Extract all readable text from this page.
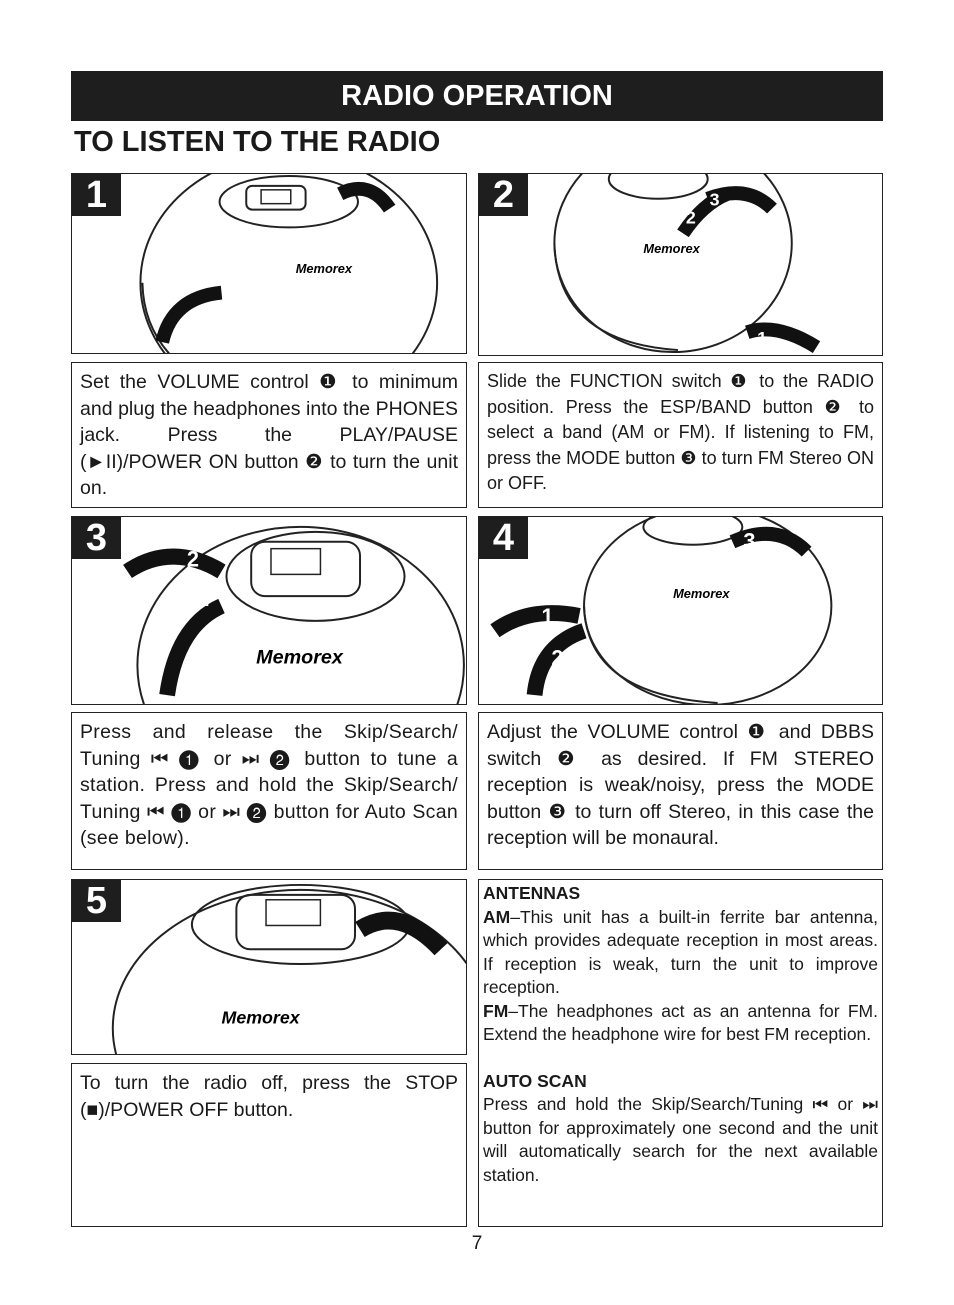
RADIO OPERATION
TO LISTEN TO THE RADIO
Memorex
1
2
1
Memorex
1
2
3
2
Set the VOLUME control ❶ to minimum and plug the headphones into the PHONES jack. Press the PLAY/PAUSE (►II)/POWER ON button ❷ to turn the unit on.
Slide the FUNCTION switch ❶ to the RADIO position. Press the ESP/BAND button ❷ to select a band (AM or FM). If listening to FM, press the MODE button ❸ to turn FM Stereo ON or OFF.
Memorex
1
2
3
Memorex
1
2
3
4
Press and release the Skip/Search/ Tuning ⏮ ❶ or ⏭ ❷ button to tune a station. Press and hold the Skip/Search/ Tuning ⏮ ❶ or ⏭ ❷ button for Auto Scan (see below).
Adjust the VOLUME control ❶ and DBBS switch ❷ as desired. If FM STEREO reception is weak/noisy, press the MODE button ❸ to turn off Stereo, in this case the reception will be monaural.
Memorex
5
To turn the radio off, press the STOP (■)/POWER OFF button.
ANTENNAS
AM–This unit has a built-in ferrite bar antenna, which provides adequate reception in most areas. If reception is weak, turn the unit to improve reception.
FM–The headphones act as an antenna for FM. Extend the headphone wire for best FM reception.
AUTO SCAN
Press and hold the Skip/Search/Tuning ⏮ or ⏭ button for approximately one second and the unit will automatically search for the next available station.
7
